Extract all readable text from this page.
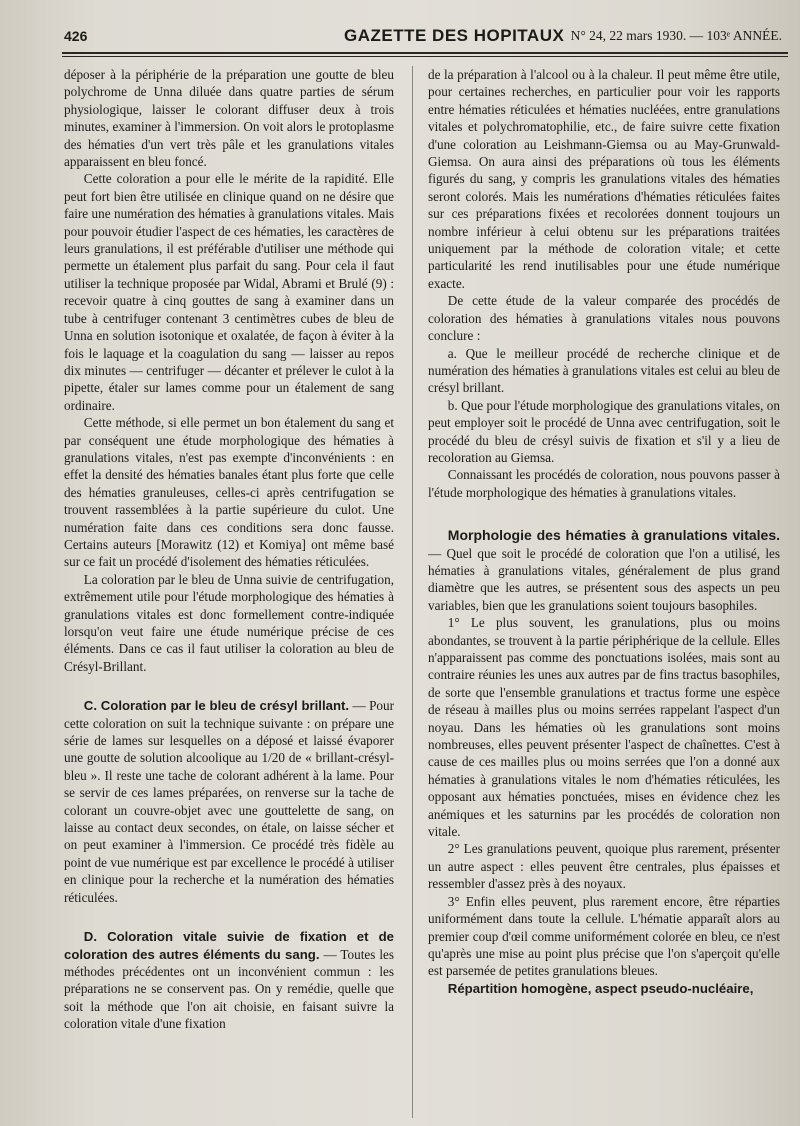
426	GAZETTE DES HOPITAUX N° 24, 22 mars 1930. — 103ᵉ ANNÉE.

déposer à la périphérie de la préparation une goutte de bleu polychrome de Unna diluée dans quatre parties de sérum physiologique, laisser le colorant diffuser deux à trois minutes, examiner à l'immersion. On voit alors le protoplasme des hématies d'un vert très pâle et les granulations vitales apparaissent en bleu foncé.

Cette coloration a pour elle le mérite de la rapidité. Elle peut fort bien être utilisée en clinique quand on ne désire que faire une numération des hématies à granulations vitales. Mais pour pouvoir étudier l'aspect de ces hématies, les caractères de leurs granulations, il est préférable d'utiliser une méthode qui permette un étalement plus parfait du sang. Pour cela il faut utiliser la technique proposée par Widal, Abrami et Brulé (9) : recevoir quatre à cinq gouttes de sang à examiner dans un tube à centrifuger contenant 3 centimètres cubes de bleu de Unna en solution isotonique et oxalatée, de façon à éviter à la fois le laquage et la coagulation du sang — laisser au repos dix minutes — centrifuger — décanter et prélever le culot à la pipette, étaler sur lames comme pour un étalement de sang ordinaire.

Cette méthode, si elle permet un bon étalement du sang et par conséquent une étude morphologique des hématies à granulations vitales, n'est pas exempte d'inconvénients : en effet la densité des hématies banales étant plus forte que celle des hématies granuleuses, celles-ci après centrifugation se trouvent rassemblées à la partie supérieure du culot. Une numération faite dans ces conditions sera donc fausse. Certains auteurs [Morawitz (12) et Komiya] ont même basé sur ce fait un procédé d'isolement des hématies réticulées.

La coloration par le bleu de Unna suivie de centrifugation, extrêmement utile pour l'étude morphologique des hématies à granulations vitales est donc formellement contre-indiquée lorsqu'on veut faire une étude numérique précise de ces éléments. Dans ce cas il faut utiliser la coloration au bleu de Crésyl-Brillant.

C. Coloration par le bleu de crésyl brillant. — Pour cette coloration on suit la technique suivante : on prépare une série de lames sur lesquelles on a déposé et laissé évaporer une goutte de solution alcoolique au 1/20 de « brillant-crésyl-bleu ». Il reste une tache de colorant adhérent à la lame. Pour se servir de ces lames préparées, on renverse sur la tache de colorant un couvre-objet avec une gouttelette de sang, on laisse au contact deux secondes, on étale, on laisse sécher et on peut examiner à l'immersion. Ce procédé très fidèle au point de vue numérique est par excellence le procédé à utiliser en clinique pour la recherche et la numération des hématies réticulées.

D. Coloration vitale suivie de fixation et de coloration des autres éléments du sang. — Toutes les méthodes précédentes ont un inconvénient commun : les préparations ne se conservent pas. On y remédie, quelle que soit la méthode que l'on ait choisie, en faisant suivre la coloration vitale d'une fixation

de la préparation à l'alcool ou à la chaleur. Il peut même être utile, pour certaines recherches, en particulier pour voir les rapports entre hématies réticulées et hématies nucléées, entre granulations vitales et polychromatophilie, etc., de faire suivre cette fixation d'une coloration au Leishmann-Giemsa ou au May-Grunwald-Giemsa. On aura ainsi des préparations où tous les éléments figurés du sang, y compris les granulations vitales des hématies seront colorés. Mais les numérations d'hématies réticulées faites sur ces préparations fixées et recolorées donnent toujours un nombre inférieur à celui obtenu sur les préparations traitées uniquement par la méthode de coloration vitale; et cette particularité les rend inutilisables pour une étude numérique exacte.

De cette étude de la valeur comparée des procédés de coloration des hématies à granulations vitales nous pouvons conclure :

a. Que le meilleur procédé de recherche clinique et de numération des hématies à granulations vitales est celui au bleu de crésyl brillant.

b. Que pour l'étude morphologique des granulations vitales, on peut employer soit le procédé de Unna avec centrifugation, soit le procédé du bleu de crésyl suivis de fixation et s'il y a lieu de recoloration au Giemsa.

Connaissant les procédés de coloration, nous pouvons passer à l'étude morphologique des hématies à granulations vitales.

Morphologie des hématies à granulations vitales. — Quel que soit le procédé de coloration que l'on a utilisé, les hématies à granulations vitales, généralement de plus grand diamètre que les autres, se présentent sous des aspects un peu variables, bien que les granulations soient toujours basophiles.

1° Le plus souvent, les granulations, plus ou moins abondantes, se trouvent à la partie périphérique de la cellule. Elles n'apparaissent pas comme des ponctuations isolées, mais sont au contraire réunies les unes aux autres par de fins tractus basophiles, de sorte que l'ensemble granulations et tractus forme une espèce de réseau à mailles plus ou moins serrées rappelant l'aspect d'un noyau. Dans les hématies où les granulations sont moins nombreuses, elles peuvent présenter l'aspect de chaînettes. C'est à cause de ces mailles plus ou moins serrées que l'on a donné aux hématies à granulations vitales le nom d'hématies réticulées, les opposant aux hématies ponctuées, mises en évidence chez les anémiques et les saturnins par les procédés de coloration non vitale.

2° Les granulations peuvent, quoique plus rarement, présenter un autre aspect : elles peuvent être centrales, plus épaisses et ressembler d'assez près à des noyaux.

3° Enfin elles peuvent, plus rarement encore, être réparties uniformément dans toute la cellule. L'hématie apparaît alors au premier coup d'œil comme uniformément colorée en bleu, ce n'est qu'après une mise au point plus précise que l'on s'aperçoit qu'elle est parsemée de petites granulations bleues.

Répartition homogène, aspect pseudo-nucléaire,
